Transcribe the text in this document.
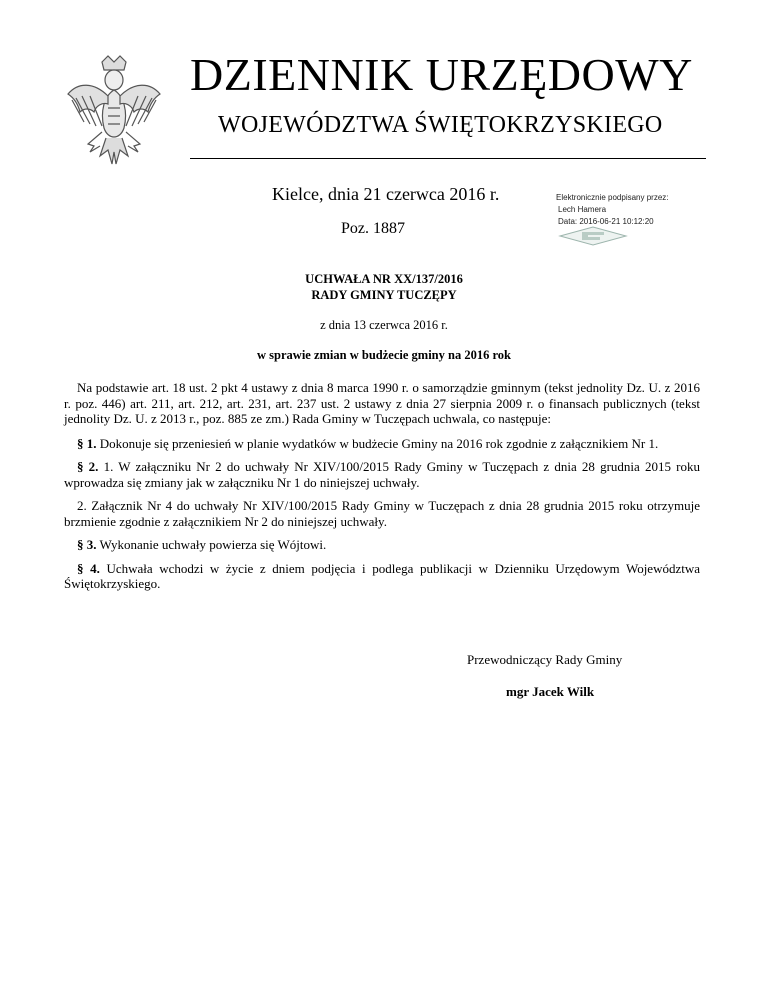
DZIENNIK URZĘDOWY
WOJEWÓDZTWA ŚWIĘTOKRZYSKIEGO
Kielce, dnia 21 czerwca 2016 r.
Poz. 1887
Elektronicznie podpisany przez:
Lech Hamera
Data: 2016-06-21 10:12:20
UCHWAŁA NR XX/137/2016
RADY GMINY TUCZĘPY
z dnia 13 czerwca 2016 r.
w sprawie zmian w budżecie gminy na 2016 rok

Na podstawie art. 18 ust. 2 pkt 4 ustawy z dnia 8 marca 1990 r. o samorządzie gminnym (tekst jednolity Dz. U. z 2016 r. poz. 446) art. 211, art. 212, art. 231, art. 237 ust. 2 ustawy z dnia 27 sierpnia 2009 r. o finansach publicznych (tekst jednolity Dz. U. z 2013 r., poz. 885 ze zm.) Rada Gminy w Tuczępach uchwala, co następuje:

§ 1. Dokonuje się przeniesień w planie wydatków w budżecie Gminy na 2016 rok zgodnie z załącznikiem Nr 1.

§ 2. 1. W załączniku Nr 2 do uchwały Nr XIV/100/2015 Rady Gminy w Tuczępach z dnia 28 grudnia 2015 roku wprowadza się zmiany jak w załączniku Nr 1 do niniejszej uchwały.

2. Załącznik Nr 4 do uchwały Nr XIV/100/2015 Rady Gminy w Tuczępach z dnia 28 grudnia 2015 roku otrzymuje brzmienie zgodnie z załącznikiem Nr 2 do niniejszej uchwały.

§ 3. Wykonanie uchwały powierza się Wójtowi.

§ 4. Uchwała wchodzi w życie z dniem podjęcia i podlega publikacji w Dzienniku Urzędowym Województwa Świętokrzyskiego.

Przewodniczący Rady Gminy
mgr Jacek Wilk
